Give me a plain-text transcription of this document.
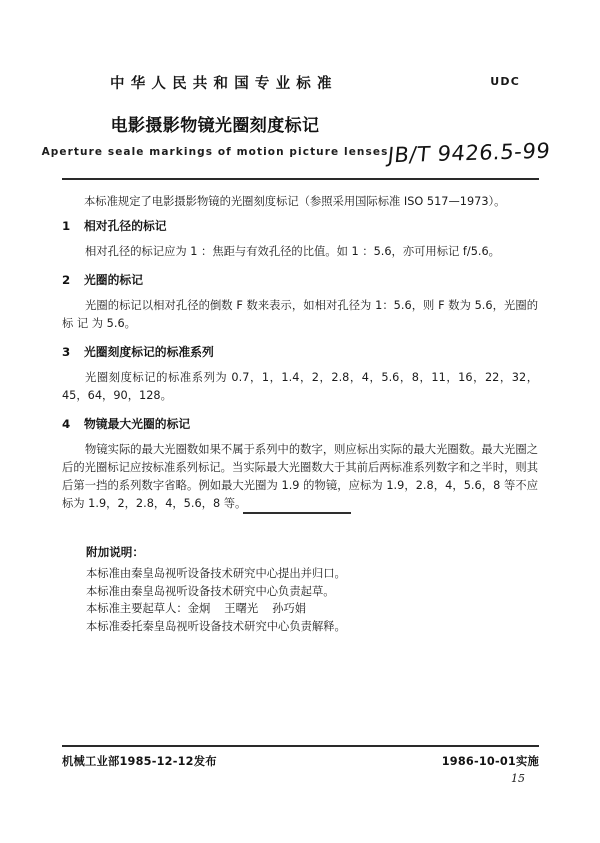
中华人民共和国专业标准	UDC
电影摄影物镜光圈刻度标记
Aperture seale markings of motion picture lenses
JB/T 9426.5-99
本标准规定了电影摄影物镜的光圈刻度标记（参照采用国际标准 ISO 517—1973）。
1 相对孔径的标记
相对孔径的标记应为 1 ：焦距与有效孔径的比值。如 1 ：5.6，亦可用标记 f/5.6。
2 光圈的标记
光圈的标记以相对孔径的倒数 F 数来表示，如相对孔径为 1：5.6，则 F 数为 5.6，光圈的标 记 为 5.6。
3 光圈刻度标记的标准系列
光圈刻度标记的标准系列为 0.7，1，1.4，2，2.8，4，5.6，8，11，16，22，32，45，64，90，128。
4 物镜最大光圈的标记
物镜实际的最大光圈数如果不属于系列中的数字，则应标出实际的最大光圈数。最大光圈之后的光圈标记应按标准系列标记。当实际最大光圈数大于其前后两标准系列数字和之半时，则其后第一挡的系列数字省略。例如最大光圈为 1.9 的物镜，应标为 1.9，2.8，4，5.6，8 等不应标为 1.9，2，2.8，4，5.6，8 等。
附加说明：
本标准由秦皇岛视听设备技术研究中心提出并归口。
本标准由秦皇岛视听设备技术研究中心负责起草。
本标准主要起草人：金炯 王曙光 孙巧娟
本标准委托秦皇岛视听设备技术研究中心负责解释。
机械工业部1985-12-12发布	1986-10-01实施
15
